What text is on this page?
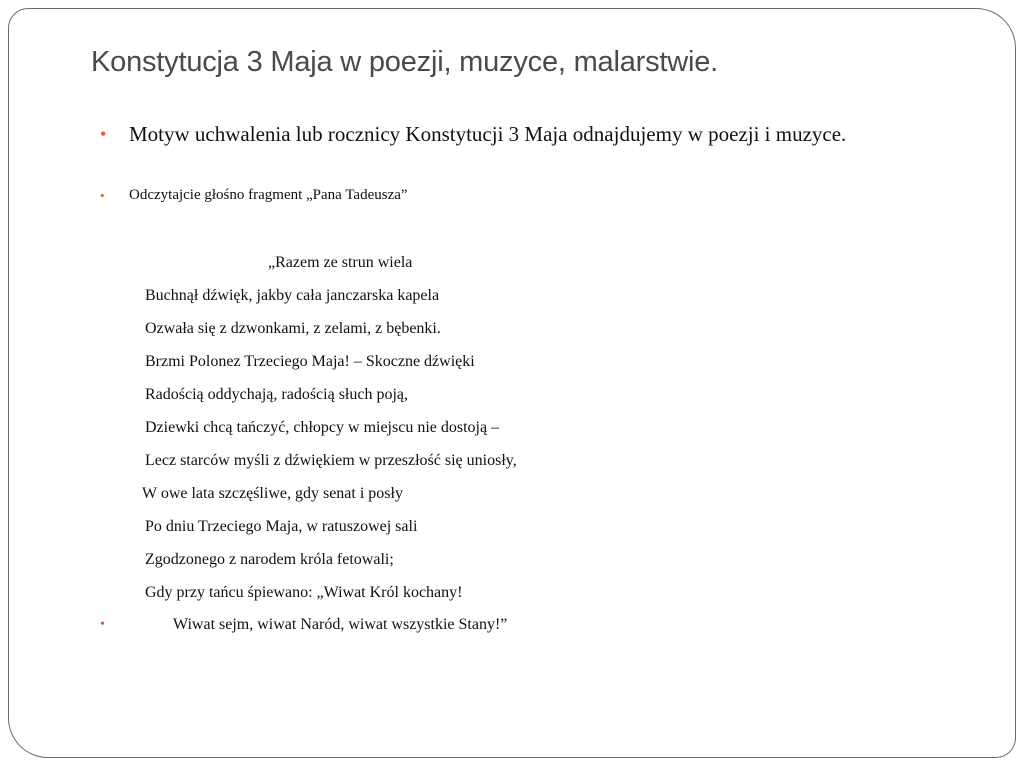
Konstytucja 3 Maja w poezji, muzyce, malarstwie.
• Motyw uchwalenia lub rocznicy Konstytucji 3 Maja odnajdujemy w poezji i muzyce.
• Odczytajcie głośno fragment „Pana Tadeusza”
„Razem ze strun wiela
Buchnął dźwięk, jakby cała janczarska kapela
Ozwała się z dzwonkami, z zelami, z bębenki.
Brzmi Polonez Trzeciego Maja! – Skoczne dźwięki
Radością oddychają, radością słuch poją,
Dziewki chcą tańczyć, chłopcy w miejscu nie dostoją –
Lecz starców myśli z dźwiękiem w przeszłość się uniosły,
W owe lata szczęśliwe, gdy senat i posły
Po dniu Trzeciego Maja, w ratuszowej sali
Zgodzonego z narodem króla fetowali;
Gdy przy tańcu śpiewano: „Wiwat Król kochany!
•	Wiwat sejm, wiwat Naród, wiwat wszystkie Stany!”
